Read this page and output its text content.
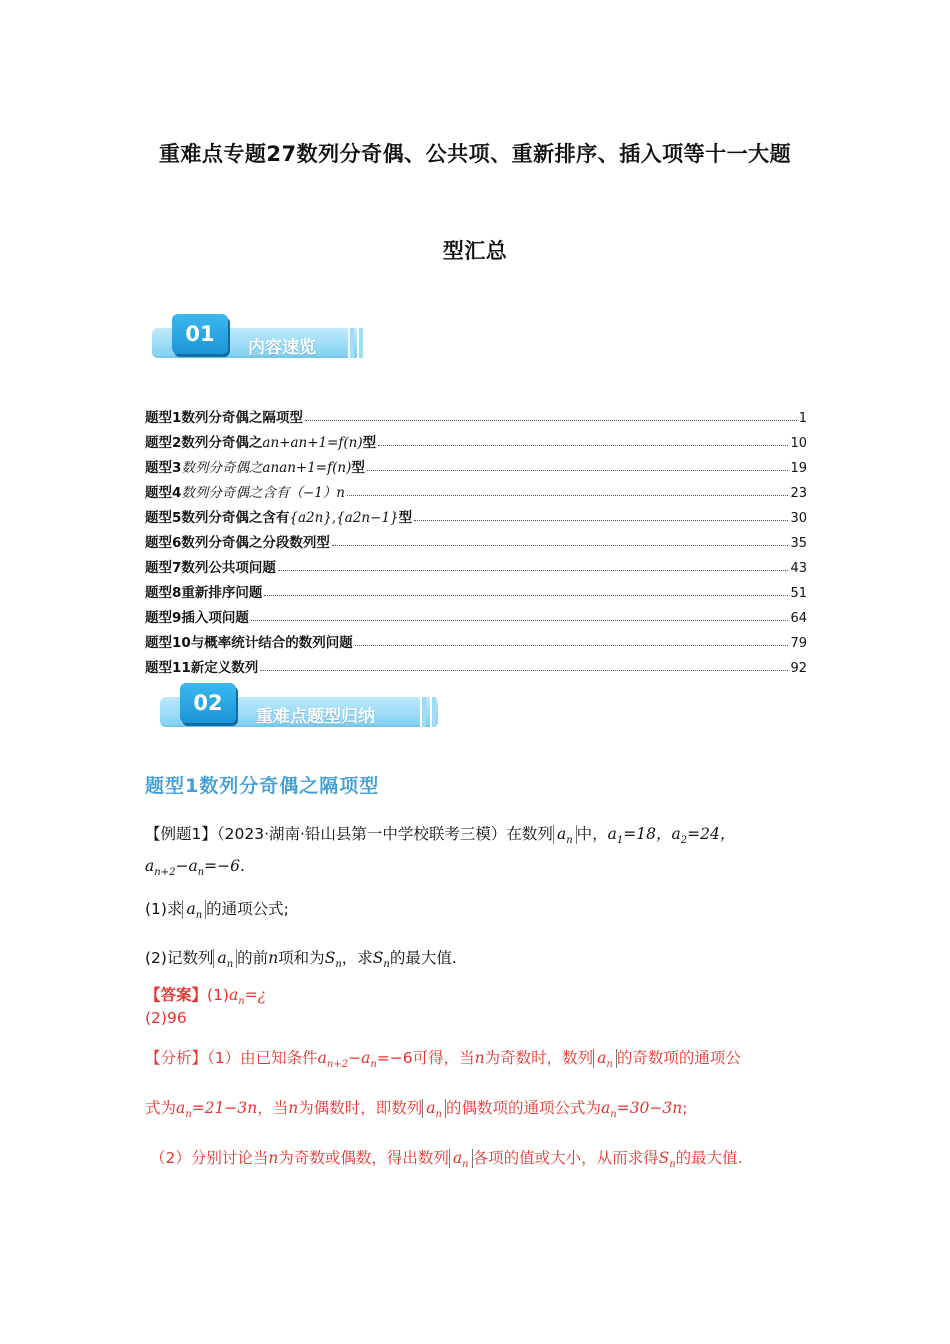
重难点专题27数列分奇偶、公共项、重新排序、插入项等十一大题
型汇总
01
内容速览
题型1数列分奇偶之隔项型	1
题型2数列分奇偶之an+an+1=f(n)型	10
题型3数列分奇偶之anan+1=f(n)型	19
题型4数列分奇偶之含有（−1）n	23
题型5数列分奇偶之含有{a2n},{a2n−1}型	30
题型6数列分奇偶之分段数列型	35
题型7数列公共项问题	43
题型8重新排序问题	51
题型9插入项问题	64
题型10与概率统计结合的数列问题	79
题型11新定义数列	92
02
重难点题型归纳
题型1数列分奇偶之隔项型
【例题1】（2023·湖南·铅山县第一中学校联考三模）在数列 $a_n$ 中，$a_1=18$，$a_2=24$，
$a_{n+2}-a_n=-6$.
(1)求 $a_n$ 的通项公式;
(2)记数列 $a_n$ 的前n项和为$S_n$，求$S_n$的最大值.
【答案】$(1)a_n=¿$
(2)96
【分析】（1）由已知条件$a_{n+2}-a_n=-6$可得，当n为奇数时，数列 $a_n$ 的奇数项的通项公
式为$a_n=21-3n$，当n为偶数时，即数列 $a_n$ 的偶数项的通项公式为$a_n=30-3n$;
（2）分别讨论当n为奇数或偶数，得出数列 $a_n$ 各项的值或大小，从而求得$S_n$的最大值.
